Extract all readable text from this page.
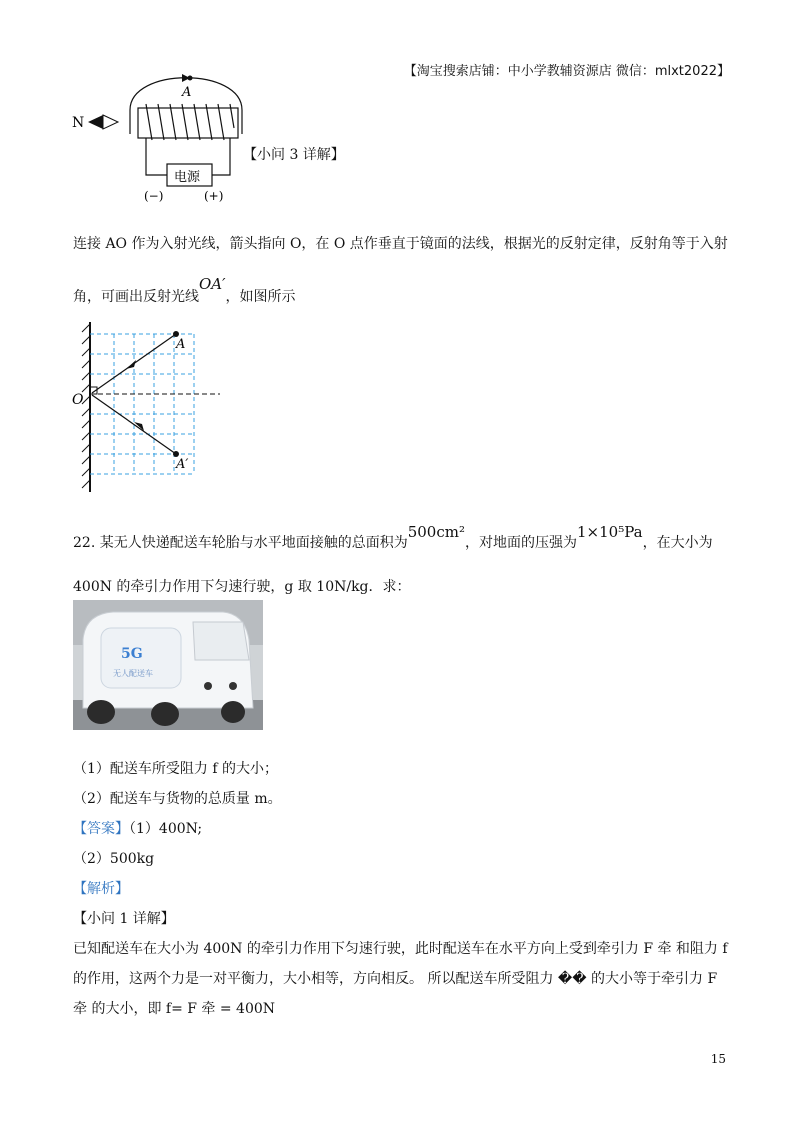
【淘宝搜索店铺：中小学教辅资源店 微信：mlxt2022】
N
A
电源
(−)	(+)
【小问 3 详解】
连接 AO 作为入射光线，箭头指向 O，在 O 点作垂直于镜面的法线，根据光的反射定律，反射角等于入射
角，可画出反射光线OA′，如图所示
A
O
A′
22. 某无人快递配送车轮胎与水平地面接触的总面积为500cm²，对地面的压强为1×10⁵Pa，在大小为
400N 的牵引力作用下匀速行驶，g 取 10N/kg．求：
5G
无人配送车
（1）配送车所受阻力 f 的大小；
（2）配送车与货物的总质量 m。
【答案】（1）400N;
（2）500kg
【解析】
【小问 1 详解】
已知配送车在大小为 400N 的牵引力作用下匀速行驶，此时配送车在水平方向上受到牵引力 F 牵 和阻力 f
的作用，这两个力是一对平衡力，大小相等，方向相反。 所以配送车所受阻力 �� 的大小等于牵引力 F
牵 的大小，即 f= F 牵 = 400N
15
